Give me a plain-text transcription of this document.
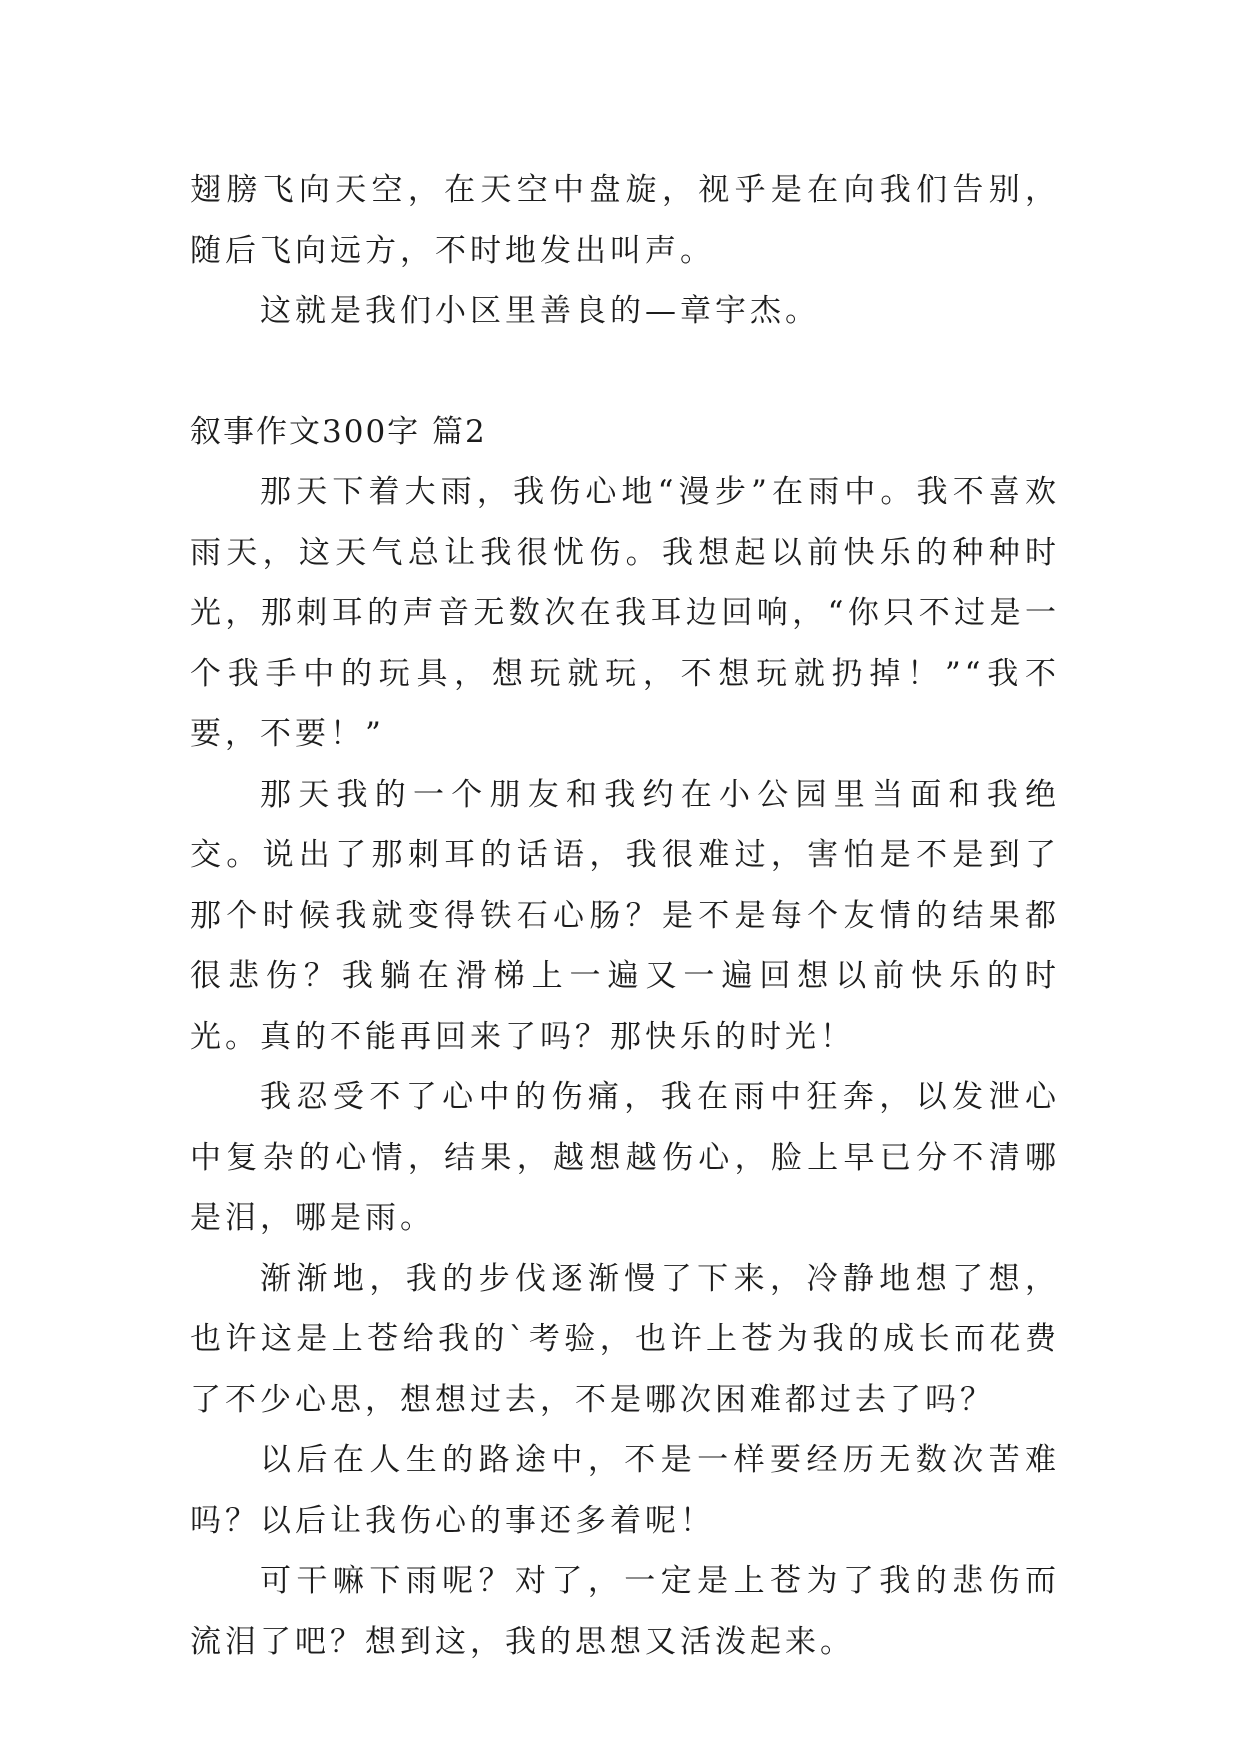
翅膀飞向天空，在天空中盘旋，视乎是在向我们告别，随后飞向远方，不时地发出叫声。

这就是我们小区里善良的—章宇杰。

叙事作文300字 篇2

那天下着大雨，我伤心地“漫步”在雨中。我不喜欢雨天，这天气总让我很忧伤。我想起以前快乐的种种时光，那刺耳的声音无数次在我耳边回响，“你只不过是一个我手中的玩具，想玩就玩，不想玩就扔掉！”“我不要，不要！”

那天我的一个朋友和我约在小公园里当面和我绝交。说出了那刺耳的话语，我很难过，害怕是不是到了那个时候我就变得铁石心肠？是不是每个友情的结果都很悲伤？我躺在滑梯上一遍又一遍回想以前快乐的时光。真的不能再回来了吗？那快乐的时光！

我忍受不了心中的伤痛，我在雨中狂奔，以发泄心中复杂的心情，结果，越想越伤心，脸上早已分不清哪是泪，哪是雨。

渐渐地，我的步伐逐渐慢了下来，冷静地想了想，也许这是上苍给我的`考验，也许上苍为我的成长而花费了不少心思，想想过去，不是哪次困难都过去了吗？

以后在人生的路途中，不是一样要经历无数次苦难吗？以后让我伤心的事还多着呢！

可干嘛下雨呢？对了，一定是上苍为了我的悲伤而流泪了吧？想到这，我的思想又活泼起来。
